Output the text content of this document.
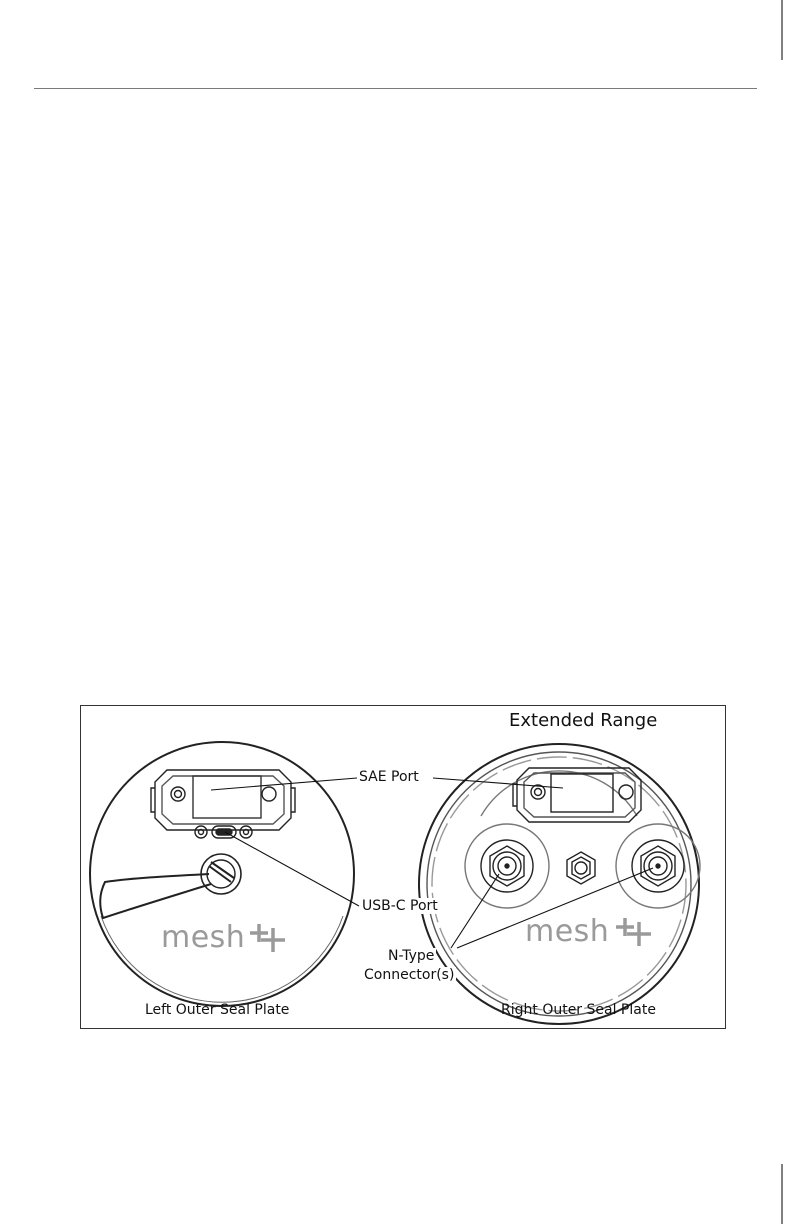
Extended Range
SAE Port
USB-C Port
N-Type
Connector(s)
mesh	mesh
Left Outer Seal Plate	Right Outer Seal Plate
